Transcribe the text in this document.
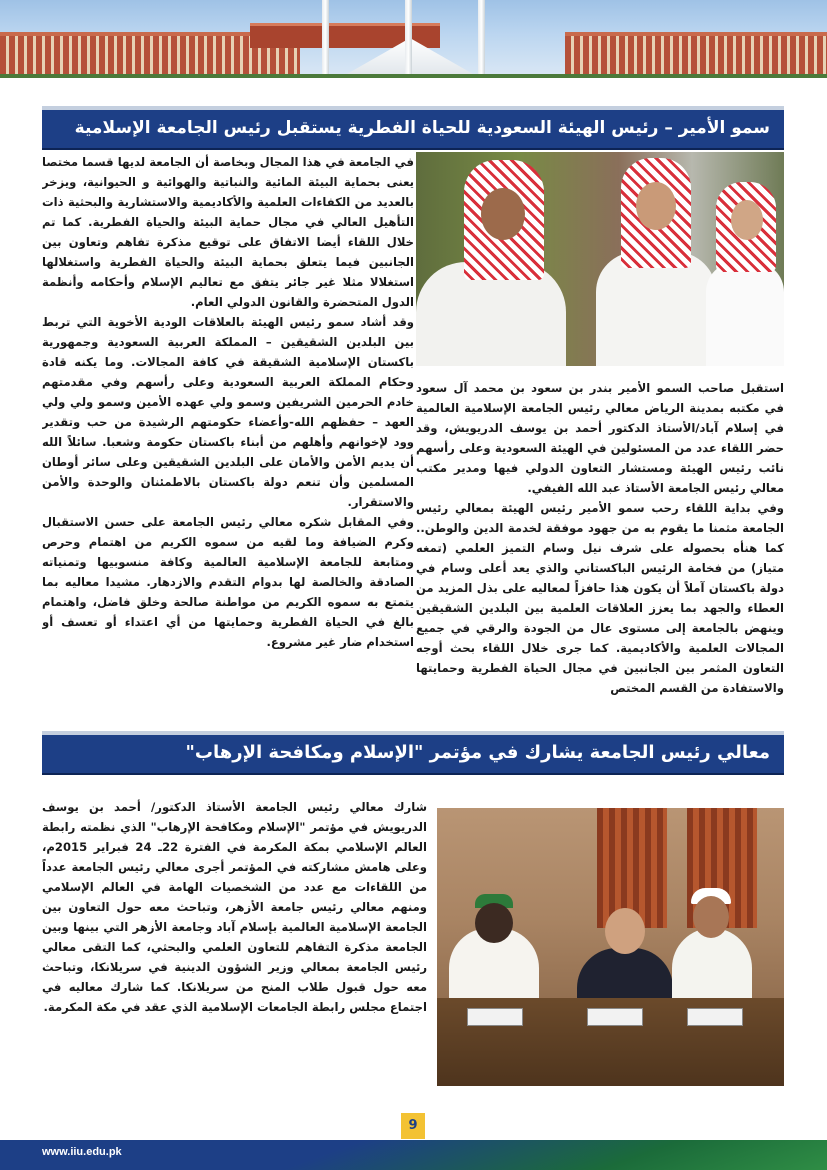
سمو الأمير – رئيس الهيئة السعودية للحياة الفطرية يستقبل رئيس الجامعة الإسلامية

في الجامعة في هذا المجال وبخاصة أن الجامعة لديها قسما مختصا يعنى بحماية البيئة المائية والنباتية والهوائية و الحيوانية، ويزخر بالعديد من الكفاءات العلمية والأكاديمية والاستشارية والبحثية ذات التأهيل العالي في مجال حماية البيئة والحياة الفطرية. كما تم خلال اللقاء أيضا الاتفاق على توقيع مذكرة تفاهم وتعاون بين الجانبين فيما يتعلق بحماية البيئة والحياة الفطرية واستغلالها استغلالا مثلا غير جائر يتفق مع تعاليم الإسلام وأحكامه وأنظمة الدول المتحضرة والقانون الدولي العام.

وقد أشاد سمو رئيس الهيئة بالعلاقات الودية الأخوية التي تربط بين البلدين الشقيقين – المملكة العربية السعودية وجمهورية باكستان الإسلامية الشقيقة في كافة المجالات. وما يكنه قادة وحكام المملكة العربية السعودية وعلى رأسهم وفي مقدمتهم خادم الحرمين الشريفين وسمو ولي عهده الأمين وسمو ولي ولي العهد – حفظهم الله-وأعضاء حكومتهم الرشيدة من حب وتقدير وود لإخوانهم وأهلهم من أبناء باكستان حكومة وشعبا. سائلاً الله أن يديم الأمن والأمان على البلدين الشقيقين وعلى سائر أوطان المسلمين وأن تنعم دولة باكستان بالاطمئنان والوحدة والأمن والاستقرار.

وفي المقابل شكره معالي رئيس الجامعة على حسن الاستقبال وكرم الضيافة وما لقيه من سموه الكريم من اهتمام وحرص ومتابعة للجامعة الإسلامية العالمية وكافة منسوبيها وتمنياته الصادقة والخالصة لها بدوام التقدم والازدهار. مشيدا معاليه بما يتمتع به سموه الكريم من مواطنة صالحة وخلق فاضل، واهتمام بالغ في الحياة الفطرية وحمايتها من أي اعتداء أو تعسف أو استخدام ضار غير مشروع.

استقبل صاحب السمو الأمير بندر بن سعود بن محمد آل سعود في مكتبه بمدينة الرياض معالي رئيس الجامعة الإسلامية العالمية في إسلام آباد/الأستاذ الدكتور أحمد بن يوسف الدريويش، وقد حضر اللقاء عدد من المسئولين في الهيئة السعودية وعلى رأسهم نائب رئيس الهيئة ومستشار التعاون الدولي فيها ومدير مكتب معالي رئيس الجامعة الأستاذ عبد الله الفيفي.

وفي بداية اللقاء رحب سمو الأمير رئيس الهيئة بمعالي رئيس الجامعة مثمنا ما يقوم به من جهود موفقة لخدمة الدين والوطن.. كما هنأه بحصوله على شرف نيل وسام التميز العلمي (تمغه متياز) من فخامة الرئيس الباكستاني والذي يعد أعلى وسام في دولة باكستان آملاً أن يكون هذا حافزاً لمعاليه على بذل المزيد من العطاء والجهد بما يعزز العلاقات العلمية بين البلدين الشقيقين وينهض بالجامعة إلى مستوى عال من الجودة والرقي في جميع المجالات العلمية والأكاديمية. كما جرى خلال اللقاء بحث أوجه التعاون المثمر بين الجانبين في مجال الحياة الفطرية وحمايتها والاستفادة من القسم المختص

معالي رئيس الجامعة يشارك في مؤتمر "الإسلام ومكافحة الإرهاب"

شارك معالي رئيس الجامعة الأستاذ الدكتور/ أحمد بن يوسف الدريويش في مؤتمر "الإسلام ومكافحة الإرهاب" الذي نظمته رابطة العالم الإسلامي بمكة المكرمة في الفترة 22ـ 24 فبراير 2015م، وعلى هامش مشاركته في المؤتمر أجرى معالي رئيس الجامعة عدداً من اللقاءات مع عدد من الشخصيات الهامة في العالم الإسلامي ومنهم معالي رئيس جامعة الأزهر، وتباحث معه حول التعاون بين الجامعة الإسلامية العالمية بإسلام آباد وجامعة الأزهر التي بينها وبين الجامعة مذكرة التفاهم للتعاون العلمي والبحثي، كما التقى معالي رئيس الجامعة بمعالي وزير الشؤون الدينية في سريلانكا، وتباحث معه حول قبول طلاب المنح من سريلانكا. كما شارك معاليه في اجتماع مجلس رابطة الجامعات الإسلامية الذي عقد في مكة المكرمة.

9
www.iiu.edu.pk
